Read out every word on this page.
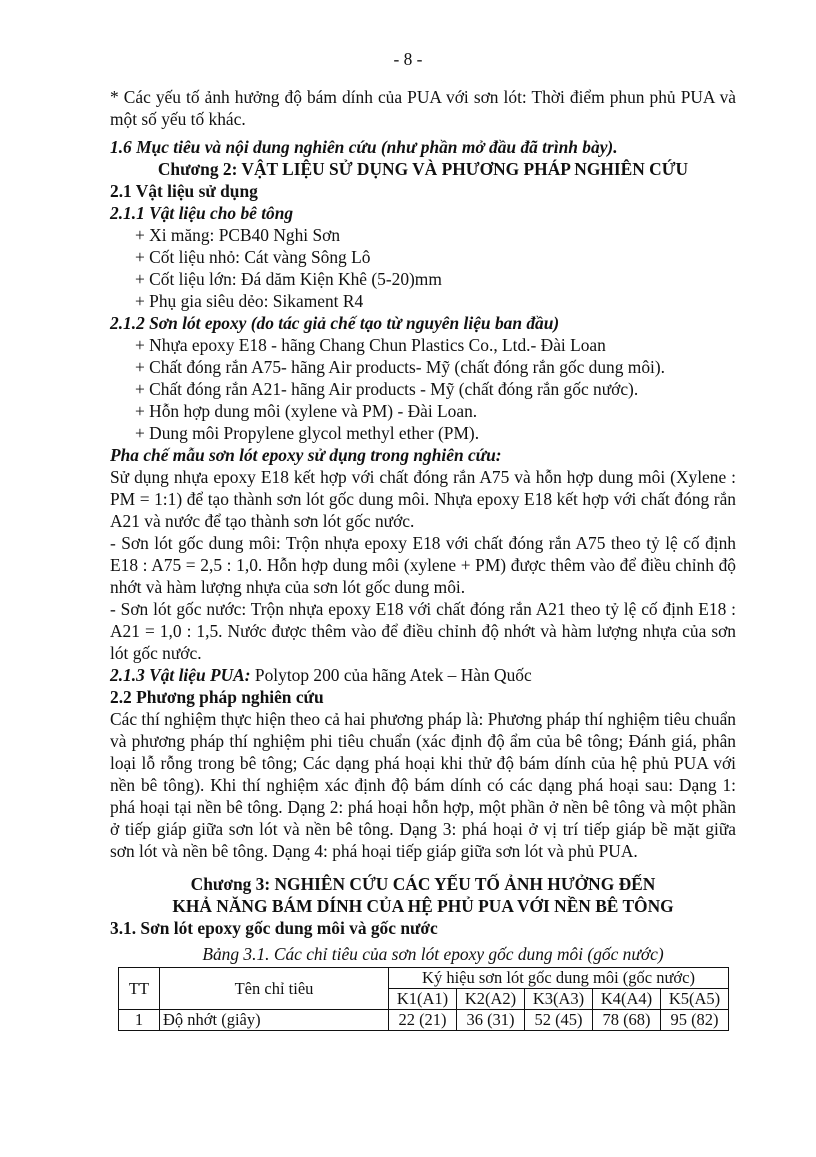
- 8 -

* Các yếu tố ảnh hưởng độ bám dính của PUA với sơn lót: Thời điểm phun phủ PUA và một số yếu tố khác.

1.6 Mục tiêu và nội dung nghiên cứu (như phần mở đầu đã trình bày).

Chương 2: VẬT LIỆU SỬ DỤNG VÀ PHƯƠNG PHÁP NGHIÊN CỨU

2.1 Vật liệu sử dụng

2.1.1 Vật liệu cho bê tông

+ Xi măng: PCB40 Nghi Sơn

+ Cốt liệu nhỏ: Cát vàng Sông Lô

+ Cốt liệu lớn: Đá dăm Kiện Khê (5-20)mm

+ Phụ gia siêu dẻo: Sikament R4

2.1.2 Sơn lót epoxy (do tác giả chế tạo từ nguyên liệu ban đầu)

+ Nhựa epoxy E18 - hãng Chang Chun Plastics Co., Ltd.- Đài Loan

+ Chất đóng rắn A75- hãng Air products- Mỹ (chất đóng rắn gốc dung môi).

+ Chất đóng rắn A21- hãng Air products - Mỹ (chất đóng rắn gốc nước).

+ Hỗn hợp dung môi (xylene và PM) - Đài Loan.

+ Dung môi Propylene glycol methyl ether (PM).

Pha chế mẫu sơn lót epoxy sử dụng trong nghiên cứu:

Sử dụng nhựa epoxy E18 kết hợp với chất đóng rắn A75 và hỗn hợp dung môi (Xylene : PM = 1:1) để tạo thành sơn lót gốc dung môi. Nhựa epoxy E18 kết hợp với chất đóng rắn A21 và nước để tạo thành sơn lót gốc nước.

- Sơn lót gốc dung môi: Trộn nhựa epoxy E18 với chất đóng rắn A75 theo tỷ lệ cố định E18 : A75 = 2,5 : 1,0. Hỗn hợp dung môi (xylene + PM) được thêm vào để điều chỉnh độ nhớt và hàm lượng nhựa của sơn lót gốc dung môi.

- Sơn lót gốc nước: Trộn nhựa epoxy E18 với chất đóng rắn A21 theo tỷ lệ cố định E18 : A21 = 1,0 : 1,5. Nước được thêm vào để điều chỉnh độ nhớt và hàm lượng nhựa của sơn lót gốc nước.

2.1.3 Vật liệu PUA: Polytop 200 của hãng Atek – Hàn Quốc

2.2 Phương pháp nghiên cứu

Các thí nghiệm thực hiện theo cả hai phương pháp là: Phương pháp thí nghiệm tiêu chuẩn và phương pháp thí nghiệm phi tiêu chuẩn (xác định độ ẩm của bê tông; Đánh giá, phân loại lỗ rỗng trong bê tông; Các dạng phá hoại khi thử độ bám dính của hệ phủ PUA với nền bê tông). Khi thí nghiệm xác định độ bám dính có các dạng phá hoại sau: Dạng 1: phá hoại tại nền bê tông. Dạng 2: phá hoại hỗn hợp, một phần ở nền bê tông và một phần ở tiếp giáp giữa sơn lót và nền bê tông. Dạng 3: phá hoại ở vị trí tiếp giáp bề mặt giữa sơn lót và nền bê tông. Dạng 4: phá hoại tiếp giáp giữa sơn lót và phủ PUA.

Chương 3: NGHIÊN CỨU CÁC YẾU TỐ ẢNH HƯỞNG ĐẾN

KHẢ NĂNG BÁM DÍNH CỦA HỆ PHỦ PUA VỚI NỀN BÊ TÔNG

3.1. Sơn lót epoxy gốc dung môi và gốc nước

Bảng 3.1. Các chỉ tiêu của sơn lót epoxy gốc dung môi (gốc nước)

TT	Tên chỉ tiêu	Ký hiệu sơn lót gốc dung môi (gốc nước)				
		K1(A1)	K2(A2)	K3(A3)	K4(A4)	K5(A5)
1	Độ nhớt (giây)	22 (21)	36 (31)	52 (45)	78 (68)	95 (82)
